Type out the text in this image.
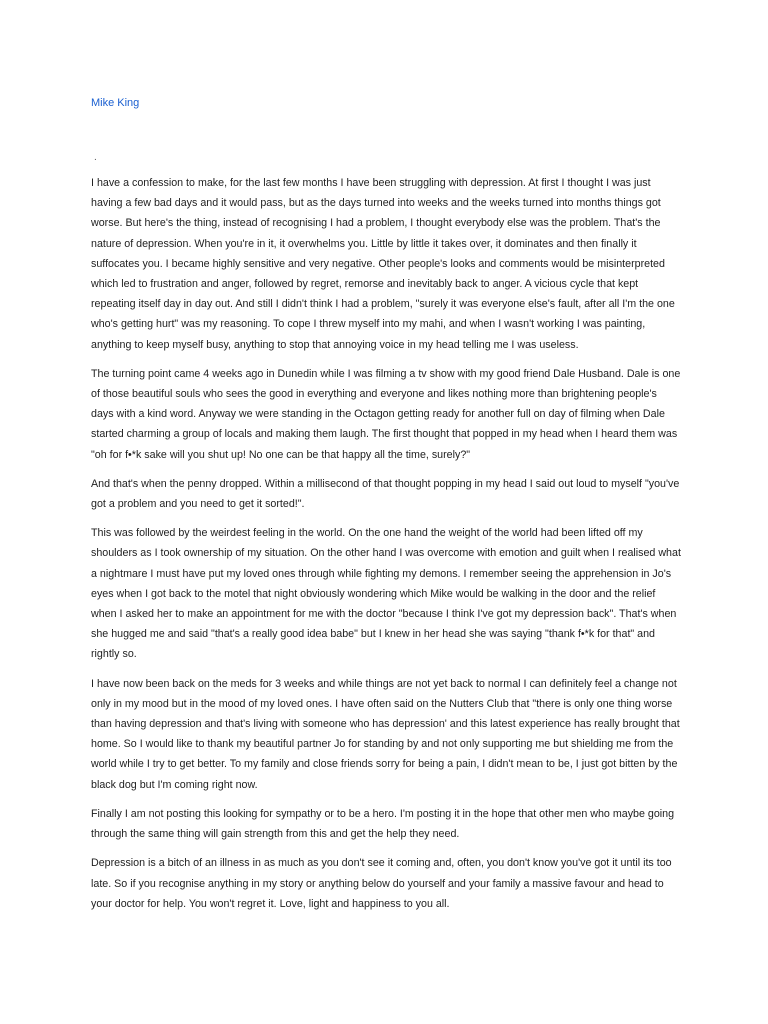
Mike King
.

I have a confession to make, for the last few months I have been struggling with depression. At first I thought I was just having a few bad days and it would pass, but as the days turned into weeks and the weeks turned into months things got worse. But here's the thing, instead of recognising I had a problem, I thought everybody else was the problem. That's the nature of depression. When you're in it, it overwhelms you. Little by little it takes over, it dominates and then finally it suffocates you. I became highly sensitive and very negative. Other people's looks and comments would be misinterpreted which led to frustration and anger, followed by regret, remorse and inevitably back to anger. A vicious cycle that kept repeating itself day in day out. And still I didn't think I had a problem, "surely it was everyone else's fault, after all I'm the one who's getting hurt" was my reasoning. To cope I threw myself into my mahi, and when I wasn't working I was painting, anything to keep myself busy, anything to stop that annoying voice in my head telling me I was useless.

The turning point came 4 weeks ago in Dunedin while I was filming a tv show with my good friend Dale Husband. Dale is one of those beautiful souls who sees the good in everything and everyone and likes nothing more than brightening people's days with a kind word. Anyway we were standing in the Octagon getting ready for another full on day of filming when Dale started charming a group of locals and making them laugh. The first thought that popped in my head when I heard them was "oh for f•*k sake will you shut up! No one can be that happy all the time, surely?"

And that's when the penny dropped. Within a millisecond of that thought popping in my head I said out loud to myself "you've got a problem and you need to get it sorted!".

This was followed by the weirdest feeling in the world. On the one hand the weight of the world had been lifted off my shoulders as I took ownership of my situation. On the other hand I was overcome with emotion and guilt when I realised what a nightmare I must have put my loved ones through while fighting my demons. I remember seeing the apprehension in Jo's eyes when I got back to the motel that night obviously wondering which Mike would be walking in the door and the relief when I asked her to make an appointment for me with the doctor "because I think I've got my depression back". That's when she hugged me and said "that's a really good idea babe" but I knew in her head she was saying "thank f•*k for that" and rightly so.

I have now been back on the meds for 3 weeks and while things are not yet back to normal I can definitely feel a change not only in my mood but in the mood of my loved ones. I have often said on the Nutters Club that "there is only one thing worse than having depression and that's living with someone who has depression' and this latest experience has really brought that home. So I would like to thank my beautiful partner Jo for standing by and not only supporting me but shielding me from the world while I try to get better. To my family and close friends sorry for being a pain, I didn't mean to be, I just got bitten by the black dog but I'm coming right now.

Finally I am not posting this looking for sympathy or to be a hero. I'm posting it in the hope that other men who maybe going through the same thing will gain strength from this and get the help they need.

Depression is a bitch of an illness in as much as you don't see it coming and, often, you don't know you've got it until its too late. So if you recognise anything in my story or anything below do yourself and your family a massive favour and head to your doctor for help. You won't regret it. Love, light and happiness to you all.
